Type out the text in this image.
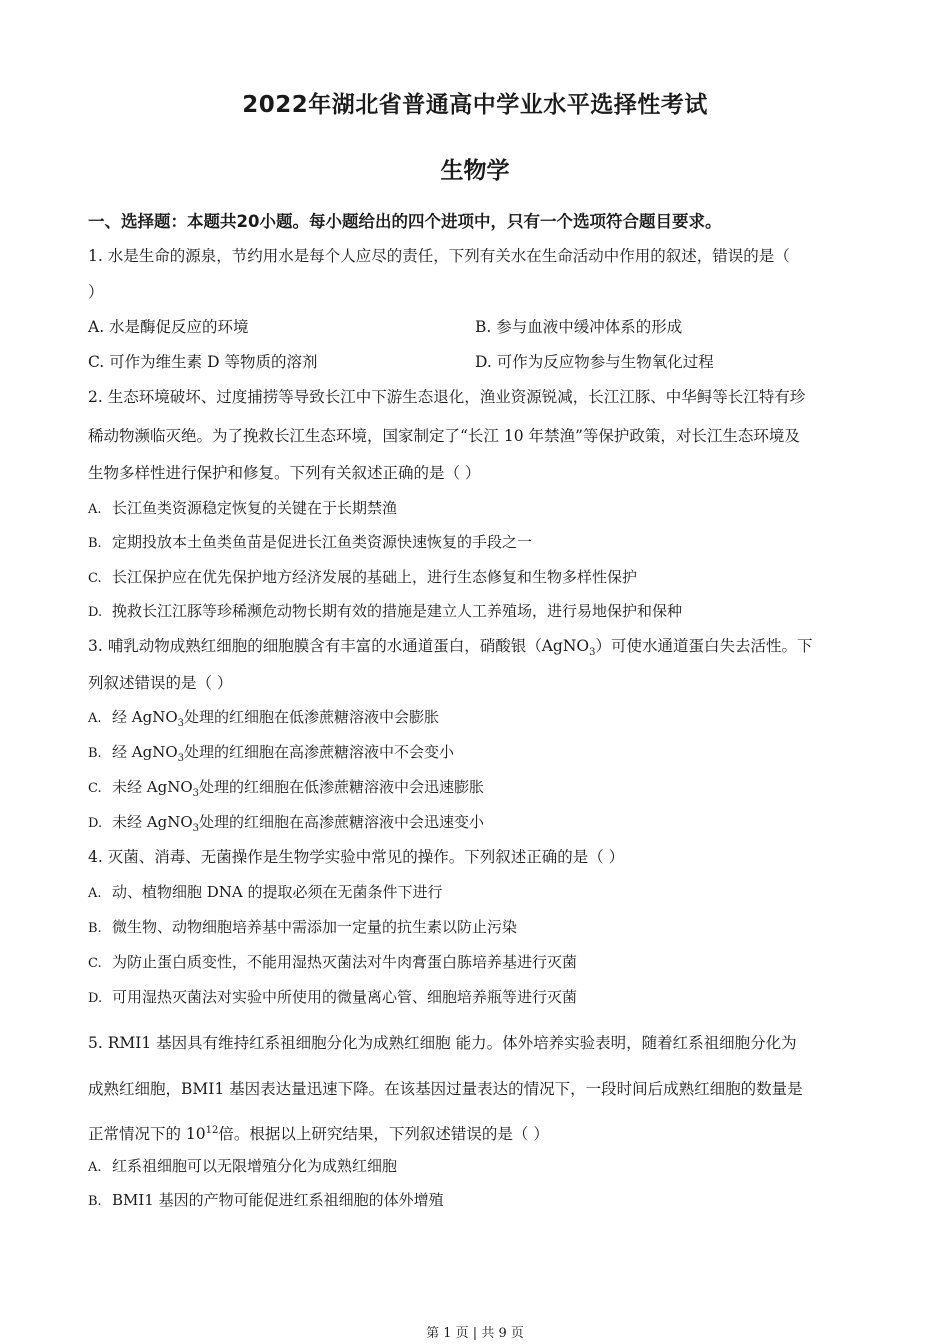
2022年湖北省普通高中学业水平选择性考试
生物学
一、选择题：本题共20小题。每小题给出的四个进项中，只有一个选项符合题目要求。
1. 水是生命的源泉，节约用水是每个人应尽的责任，下列有关水在生命活动中作用的叙述，错误的是（
）
A. 水是酶促反应的环境	B. 参与血液中缓冲体系的形成
C. 可作为维生素 D 等物质的溶剂	D. 可作为反应物参与生物氧化过程
2. 生态环境破坏、过度捕捞等导致长江中下游生态退化，渔业资源锐减，长江江豚、中华鲟等长江特有珍
稀动物濒临灭绝。为了挽救长江生态环境，国家制定了“长江 10 年禁渔”等保护政策，对长江生态环境及
生物多样性进行保护和修复。下列有关叙述正确的是（ ）
A. 长江鱼类资源稳定恢复的关键在于长期禁渔
B. 定期投放本土鱼类鱼苗是促进长江鱼类资源快速恢复的手段之一
C. 长江保护应在优先保护地方经济发展的基础上，进行生态修复和生物多样性保护
D. 挽救长江江豚等珍稀濒危动物长期有效的措施是建立人工养殖场，进行易地保护和保种
3. 哺乳动物成熟红细胞的细胞膜含有丰富的水通道蛋白，硝酸银（AgNO$_3$）可使水通道蛋白失去活性。下
列叙述错误的是（ ）
A. 经 AgNO$_3$处理的红细胞在低渗蔗糖溶液中会膨胀
B. 经 AgNO$_3$处理的红细胞在高渗蔗糖溶液中不会变小
C. 未经 AgNO$_3$处理的红细胞在低渗蔗糖溶液中会迅速膨胀
D. 未经 AgNO$_3$处理的红细胞在高渗蔗糖溶液中会迅速变小
4. 灭菌、消毒、无菌操作是生物学实验中常见的操作。下列叙述正确的是（ ）
A. 动、植物细胞 DNA 的提取必须在无菌条件下进行
B. 微生物、动物细胞培养基中需添加一定量的抗生素以防止污染
C. 为防止蛋白质变性，不能用湿热灭菌法对牛肉膏蛋白胨培养基进行灭菌
D. 可用湿热灭菌法对实验中所使用的微量离心管、细胞培养瓶等进行灭菌
5. RMI1 基因具有维持红系祖细胞分化为成熟红细胞 能力。体外培养实验表明，随着红系祖细胞分化为
成熟红细胞，BMI1 基因表达量迅速下降。在该基因过量表达的情况下，一段时间后成熟红细胞的数量是
正常情况下的 $10^{12}$倍。根据以上研究结果，下列叙述错误的是（ ）
A. 红系祖细胞可以无限增殖分化为成熟红细胞
B. BMI1 基因的产物可能促进红系祖细胞的体外增殖
第 1 页 | 共 9 页
